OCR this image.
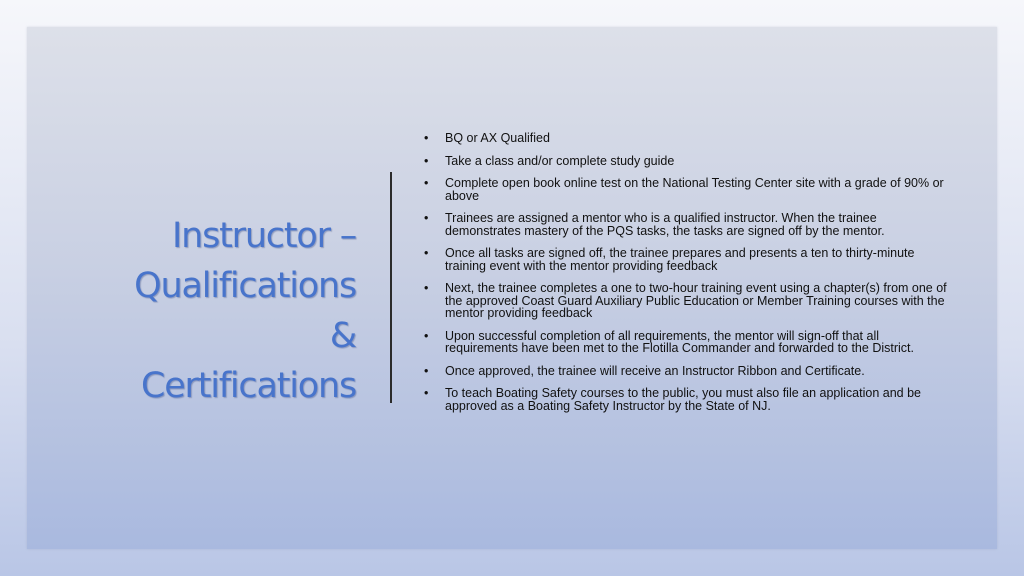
Instructor –
Qualifications
&
Certifications
• BQ or AX Qualified
• Take a class and/or complete study guide
• Complete open book online test on the National Testing Center site with a grade of 90% or above
• Trainees are assigned a mentor who is a qualified instructor. When the trainee demonstrates mastery of the PQS tasks, the tasks are signed off by the mentor.
• Once all tasks are signed off, the trainee prepares and presents a ten to thirty-minute training event with the mentor providing feedback
• Next, the trainee completes a one to two-hour training event using a chapter(s) from one of the approved Coast Guard Auxiliary Public Education or Member Training courses with the mentor providing feedback
• Upon successful completion of all requirements, the mentor will sign-off that all requirements have been met to the Flotilla Commander and forwarded to the District.
• Once approved, the trainee will receive an Instructor Ribbon and Certificate.
• To teach Boating Safety courses to the public, you must also file an application and be approved as a Boating Safety Instructor by the State of NJ.
